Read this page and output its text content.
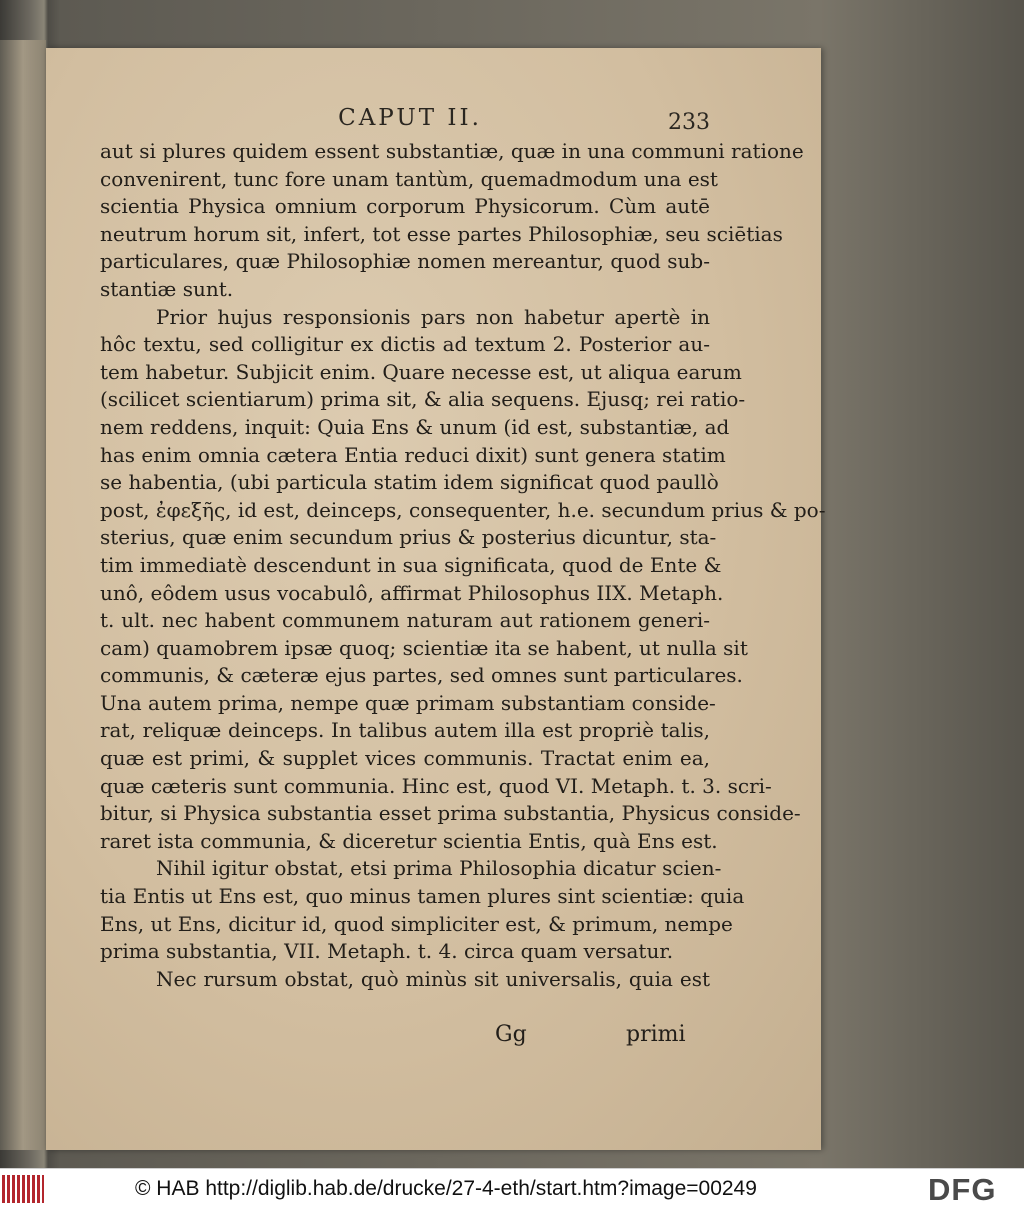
CAPUT II.	233
aut si plures quidem essent substantiæ, quæ in una communi ratione
convenirent, tunc fore unam tantùm, quemadmodum una est
scientia Physica omnium corporum Physicorum. Cùm autē
neutrum horum sit, infert, tot esse partes Philosophiæ, seu sciētias
particulares, quæ Philosophiæ nomen mereantur, quod sub-
stantiæ sunt.
Prior hujus responsionis pars non habetur apertè in
hôc textu, sed colligitur ex dictis ad textum 2. Posterior au-
tem habetur. Subjicit enim. Quare necesse est, ut aliqua earum
(scilicet scientiarum) prima sit, & alia sequens. Ejusq; rei ratio-
nem reddens, inquit: Quia Ens & unum (id est, substantiæ, ad
has enim omnia cætera Entia reduci dixit) sunt genera statim
se habentia, (ubi particula statim idem significat quod paullò
post, ἐφεξῆς, id est, deinceps, consequenter, h.e. secundum prius & po-
sterius, quæ enim secundum prius & posterius dicuntur, sta-
tim immediatè descendunt in sua significata, quod de Ente &
unô, eôdem usus vocabulô, affirmat Philosophus IIX. Metaph.
t. ult. nec habent communem naturam aut rationem generi-
cam) quamobrem ipsæ quoq; scientiæ ita se habent, ut nulla sit
communis, & cæteræ ejus partes, sed omnes sunt particulares.
Una autem prima, nempe quæ primam substantiam conside-
rat, reliquæ deinceps. In talibus autem illa est propriè talis,
quæ est primi, & supplet vices communis. Tractat enim ea,
quæ cæteris sunt communia. Hinc est, quod VI. Metaph. t. 3. scri-
bitur, si Physica substantia esset prima substantia, Physicus conside-
raret ista communia, & diceretur scientia Entis, quà Ens est.
Nihil igitur obstat, etsi prima Philosophia dicatur scien-
tia Entis ut Ens est, quo minus tamen plures sint scientiæ: quia
Ens, ut Ens, dicitur id, quod simpliciter est, & primum, nempe
prima substantia, VII. Metaph. t. 4. circa quam versatur.
Nec rursum obstat, quò minùs sit universalis, quia est
Gg	primi
© HAB http://diglib.hab.de/drucke/27-4-eth/start.htm?image=00249	DFG
